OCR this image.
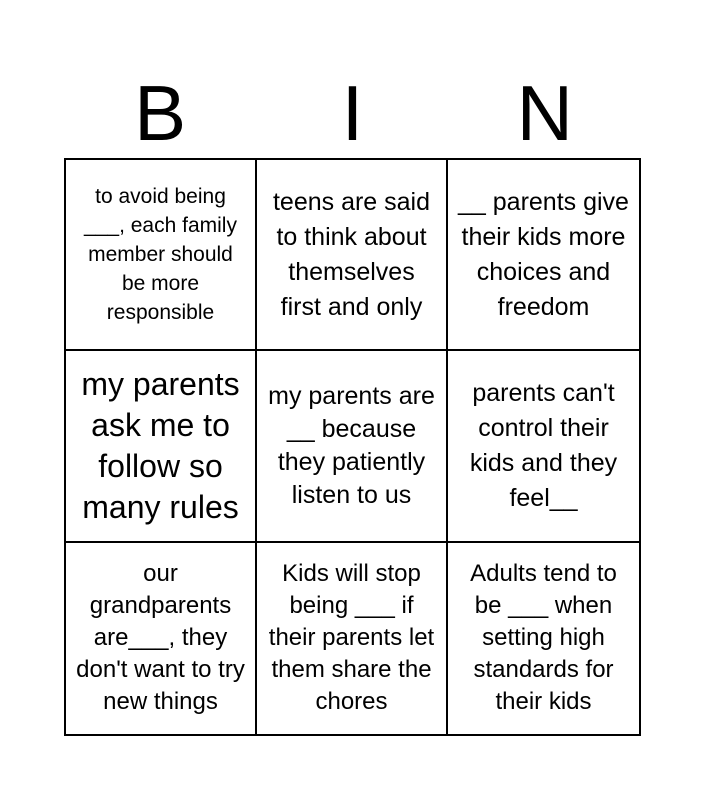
B	I	N
to avoid being ___, each family member should be more responsible
teens are said to think about themselves first and only
__ parents give their kids more choices and freedom
my parents ask me to follow so many rules
my parents are __ because they patiently listen to us
parents can't control their kids and they feel__
our grandparents are___, they don't want to try new things
Kids will stop being ___ if their parents let them share the chores
Adults tend to be ___ when setting high standards for their kids
